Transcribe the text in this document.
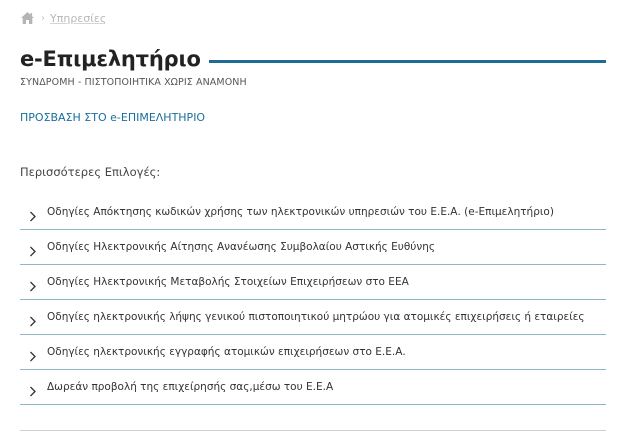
› Υπηρεσίες
e-Επιμελητήριο
ΣΥΝΔΡΟΜΗ - ΠΙΣΤΟΠΟΙΗΤΙΚΑ ΧΩΡΙΣ ΑΝΑΜΟΝΗ
ΠΡΟΣΒΑΣΗ ΣΤΟ e-ΕΠΙΜΕΛΗΤΗΡΙΟ
Περισσότερες Επιλογές:
Οδηγίες Απόκτησης κωδικών χρήσης των ηλεκτρονικών υπηρεσιών του Ε.Ε.Α. (e-Επιμελητήριο)
Οδηγίες Ηλεκτρονικής Αίτησης Ανανέωσης Συμβολαίου Αστικής Ευθύνης
Οδηγίες Ηλεκτρονικής Μεταβολής Στοιχείων Επιχειρήσεων στο ΕΕΑ
Οδηγίες ηλεκτρονικής λήψης γενικού πιστοποιητικού μητρώου για ατομικές επιχειρήσεις ή εταιρείες
Οδηγίες ηλεκτρονικής εγγραφής ατομικών επιχειρήσεων στο Ε.Ε.Α.
Δωρεάν προβολή της επιχείρησής σας,μέσω του Ε.Ε.Α
